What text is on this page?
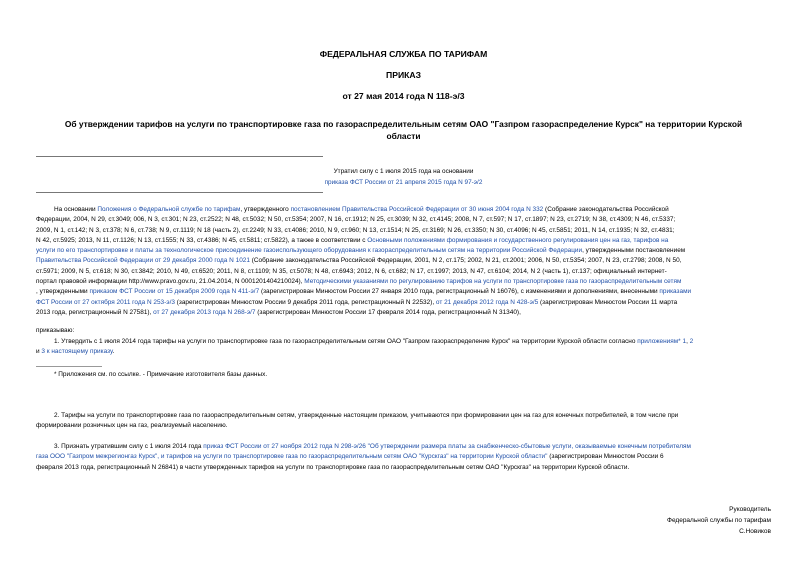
ФЕДЕРАЛЬНАЯ СЛУЖБА ПО ТАРИФАМ
ПРИКАЗ
от 27 мая 2014 года N 118-э/3
Об утверждении тарифов на услуги по транспортировке газа по газораспределительным сетям ОАО "Газпром газораспределение Курск" на территории Курской
области
Утратил силу с 1 июля 2015 года на основании
приказа ФСТ России от 21 апреля 2015 года N 97-э/2
На основании Положения о Федеральной службе по тарифам, утвержденного постановлением Правительства Российской Федерации от 30 июня 2004 года N 332 (Собрание законодательства Российской
Федерации, 2004, N 29, ст.3049; 006, N 3, ст.301; N 23, ст.2522; N 48, ст.5032; N 50, ст.5354; 2007, N 16, ст.1912; N 25, ст.3039; N 32, ст.4145; 2008, N 7, ст.597; N 17, ст.1897; N 23, ст.2719; N 38, ст.4309; N 46, ст.5337;
2009, N 1, ст.142; N 3, ст.378; N 6, ст.738; N 9, ст.1119; N 18 (часть 2), ст.2249; N 33, ст.4086; 2010, N 9, ст.960; N 13, ст.1514; N 25, ст.3169; N 26, ст.3350; N 30, ст.4096; N 45, ст.5851; 2011, N 14, ст.1935; N 32, ст.4831;
N 42, ст.5925; 2013, N 11, ст.1126; N 13, ст.1555; N 33, ст.4386; N 45, ст.5811; ст.5822), а также в соответствии с Основными положениями формирования и государственного регулирования цен на газ, тарифов на
услуги по его транспортировке и платы за технологическое присоединение газоиспользующего оборудования к газораспределительным сетям на территории Российской Федерации, утвержденными постановлением
Правительства Российской Федерации от 29 декабря 2000 года N 1021 (Собрание законодательства Российской Федерации, 2001, N 2, ст.175; 2002, N 21, ст.2001; 2006, N 50, ст.5354; 2007, N 23, ст.2798; 2008, N 50,
ст.5971; 2009, N 5, ст.618; N 30, ст.3842; 2010, N 49, ст.6520; 2011, N 8, ст.1109; N 35, ст.5078; N 48, ст.6943; 2012, N 6, ст.682; N 17, ст.1997; 2013, N 47, ст.6104; 2014, N 2 (часть 1), ст.137; официальный интернет-
портал правовой информации http://www.pravo.gov.ru, 21.04.2014, N 0001201404210024), Методическими указаниями по регулированию тарифов на услуги по транспортировке газа по газораспределительным сетям
, утвержденными приказом ФСТ России от 15 декабря 2009 года N 411-э/7 (зарегистрирован Минюстом России 27 января 2010 года, регистрационный N 16076), с изменениями и дополнениями, внесенными приказами
ФСТ России от 27 октября 2011 года N 253-э/3 (зарегистрирован Минюстом России 9 декабря 2011 года, регистрационный N 22532), от 21 декабря 2012 года N 428-э/5 (зарегистрирован Минюстом России 11 марта
2013 года, регистрационный N 27581), от 27 декабря 2013 года N 268-э/7 (зарегистрирован Минюстом России 17 февраля 2014 года, регистрационный N 31340),
приказываю:
1. Утвердить с 1 июля 2014 года тарифы на услуги по транспортировке газа по газораспределительным сетям ОАО "Газпром газораспределение Курск" на территории Курской области согласно приложениям* 1, 2
и 3 к настоящему приказу.
* Приложения см. по ссылке. - Примечание изготовителя базы данных.
2. Тарифы на услуги по транспортировке газа по газораспределительным сетям, утвержденные настоящим приказом, учитываются при формировании цен на газ для конечных потребителей, в том числе при
формировании розничных цен на газ, реализуемый населению.
3. Признать утратившим силу с 1 июля 2014 года приказ ФСТ России от 27 ноября 2012 года N 298-э/26 "Об утверждении размера платы за снабженческо-сбытовые услуги, оказываемые конечным потребителям
газа ООО "Газпром межрегионгаз Курск", и тарифов на услуги по транспортировке газа по газораспределительным сетям ОАО "Курскгаз" на территории Курской области" (зарегистрирован Минюстом России 6
февраля 2013 года, регистрационный N 26841) в части утвержденных тарифов на услуги по транспортировке газа по газораспределительным сетям ОАО "Курскгаз" на территории Курской области.
Руководитель
Федеральной службы по тарифам
С.Новиков
